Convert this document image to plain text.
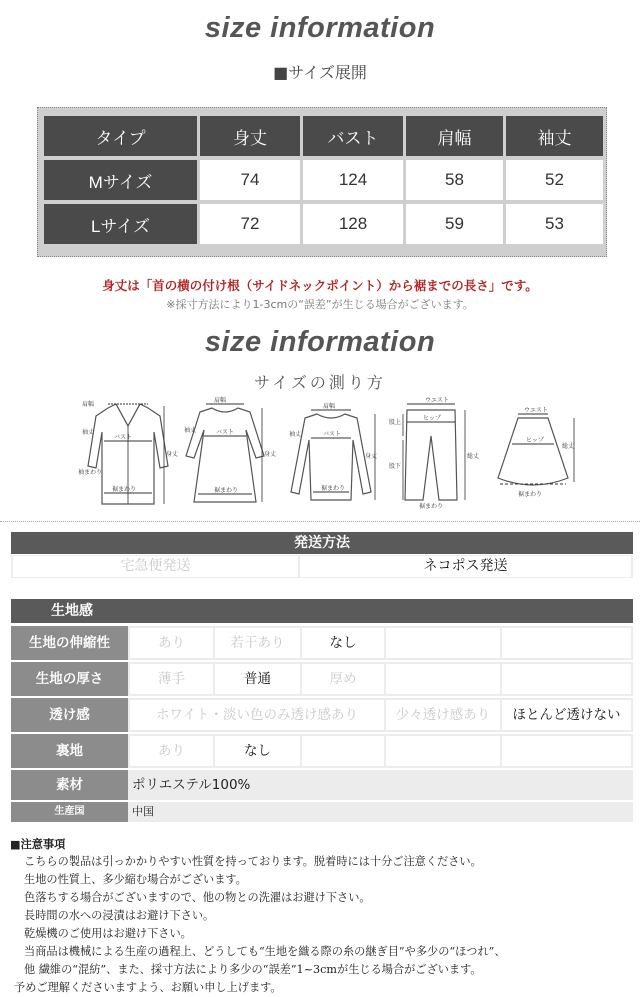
size information
■サイズ展開
タイプ	身丈	バスト	肩幅	袖丈
Mサイズ	74	124	58	52
Lサイズ	72	128	59	53
身丈は「首の横の付け根（サイドネックポイント）から裾までの長さ」です。
※採寸方法により1-3cmの“誤差”が生じる場合がございます。
size information
サイズの測り方
肩幅
袖丈
バスト
身丈
袖まわり
裾まわり
肩幅
袖丈	バスト
身丈
裾まわり
肩幅
袖丈	バスト
身丈
裾まわり
ウエスト
ヒップ
股上
股下
総丈
裾まわり
ウエスト
ヒップ
総丈
裾まわり
発送方法
宅急便発送	ネコポス発送
生地感
生地の伸縮性	あり	若干あり	なし
生地の厚さ	薄手	普通	厚め
透け感	ホワイト・淡い色のみ透け感あり	少々透け感あり	ほとんど透けない
裏地	あり	なし
素材	ポリエステル100%
生産国	中国
■注意事項
こちらの製品は引っかかりやすい性質を持っております。脱着時には十分ご注意ください。
生地の性質上、多少縮む場合がございます。
色落ちする場合がございますので、他の物との洗濯はお避け下さい。
長時間の水への浸漬はお避け下さい。
乾燥機のご使用はお避け下さい。
当商品は機械による生産の過程上、どうしても“生地を織る際の糸の継ぎ目”や多少の“ほつれ”、
他 繊維の“混紡”、また、採寸方法により多少の“誤差”1~3cmが生じる場合がございます。
予めご理解くださいますよう、お願い申し上げます。
